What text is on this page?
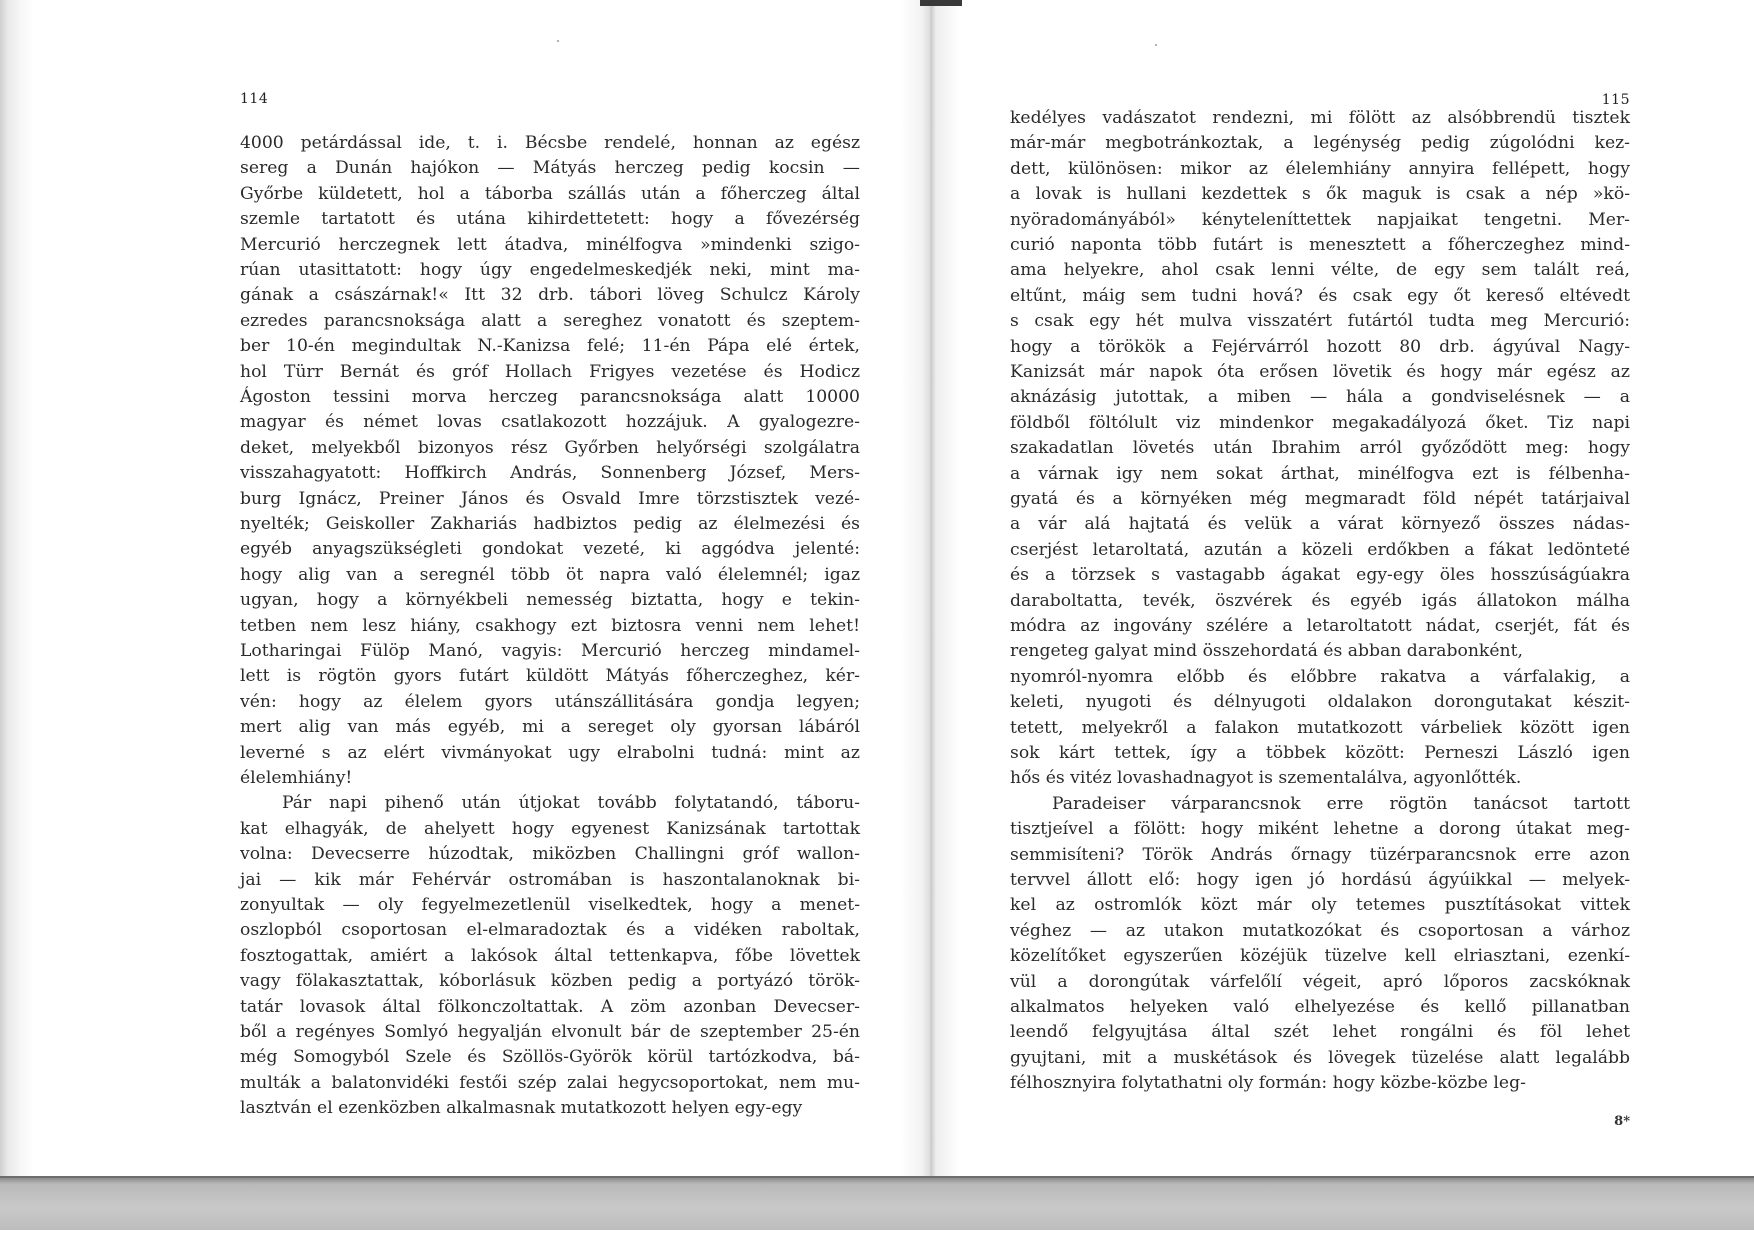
114
4000 petárdással ide, t. i. Bécsbe rendelé, honnan az egész
sereg a Dunán hajókon — Mátyás herczeg pedig kocsin —
Győrbe küldetett, hol a táborba szállás után a főherczeg által
szemle tartatott és utána kihirdettetett: hogy a fővezérség
Mercurió herczegnek lett átadva, minélfogva »mindenki szigo-
rúan utasittatott: hogy úgy engedelmeskedjék neki, mint ma-
gának a császárnak!« Itt 32 drb. tábori löveg Schulcz Károly
ezredes parancsnoksága alatt a sereghez vonatott és szeptem-
ber 10-én megindultak N.-Kanizsa felé; 11-én Pápa elé értek,
hol Türr Bernát és gróf Hollach Frigyes vezetése és Hodicz
Ágoston tessini morva herczeg parancsnoksága alatt 10000
magyar és német lovas csatlakozott hozzájuk. A gyalogezre-
deket, melyekből bizonyos rész Győrben helyőrségi szolgálatra
visszahagyatott: Hoffkirch András, Sonnenberg József, Mers-
burg Ignácz, Preiner János és Osvald Imre törzstisztek vezé-
nyelték; Geiskoller Zakhariás hadbiztos pedig az élelmezési és
egyéb anyagszükségleti gondokat vezeté, ki aggódva jelenté:
hogy alig van a seregnél több öt napra való élelemnél; igaz
ugyan, hogy a környékbeli nemesség biztatta, hogy e tekin-
tetben nem lesz hiány, csakhogy ezt biztosra venni nem lehet!
Lotharingai Fülöp Manó, vagyis: Mercurió herczeg mindamel-
lett is rögtön gyors futárt küldött Mátyás főherczeghez, kér-
vén: hogy az élelem gyors utánszállitására gondja legyen;
mert alig van más egyéb, mi a sereget oly gyorsan lábáról
leverné s az elért vivmányokat ugy elrabolni tudná: mint az
élelemhiány!
Pár napi pihenő után útjokat tovább folytatandó, táboru-
kat elhagyák, de ahelyett hogy egyenest Kanizsának tartottak
volna: Devecserre húzodtak, miközben Challingni gróf wallon-
jai — kik már Fehérvár ostromában is haszontalanoknak bi-
zonyultak — oly fegyelmezetlenül viselkedtek, hogy a menet-
oszlopból csoportosan el-elmaradoztak és a vidéken raboltak,
fosztogattak, amiért a lakósok által tettenkapva, főbe lövettek
vagy fölakasztattak, kóborlásuk közben pedig a portyázó török-
tatár lovasok által fölkonczoltattak. A zöm azonban Devecser-
ből a regényes Somlyó hegyalján elvonult bár de szeptember 25-én
még Somogyból Szele és Szöllös-Györök körül tartózkodva, bá-
multák a balatonvidéki festői szép zalai hegycsoportokat, nem mu-
lasztván el ezenközben alkalmasnak mutatkozott helyen egy-egy
115
kedélyes vadászatot rendezni, mi fölött az alsóbbrendü tisztek
már-már megbotránkoztak, a legénység pedig zúgolódni kez-
dett, különösen: mikor az élelemhiány annyira fellépett, hogy
a lovak is hullani kezdettek s ők maguk is csak a nép »kö-
nyöradományából» kényteleníttettek napjaikat tengetni. Mer-
curió naponta több futárt is menesztett a főherczeghez mind-
ama helyekre, ahol csak lenni vélte, de egy sem talált reá,
eltűnt, máig sem tudni hová? és csak egy őt kereső eltévedt
s csak egy hét mulva visszatért futártól tudta meg Mercurió:
hogy a törökök a Fejérvárról hozott 80 drb. ágyúval Nagy-
Kanizsát már napok óta erősen lövetik és hogy már egész az
aknázásig jutottak, a miben — hála a gondviselésnek — a
földből föltólult viz mindenkor megakadályozá őket. Tiz napi
szakadatlan lövetés után Ibrahim arról győződött meg: hogy
a várnak igy nem sokat árthat, minélfogva ezt is félbenha-
gyatá és a környéken még megmaradt föld népét tatárjaival
a vár alá hajtatá és velük a várat környező összes nádas-
cserjést letaroltatá, azután a közeli erdőkben a fákat ledönteté
és a törzsek s vastagabb ágakat egy-egy öles hosszúságúakra
daraboltatta, tevék, öszvérek és egyéb igás állatokon málha
módra az ingovány szélére a letaroltatott nádat, cserjét, fát és
rengeteg galyat mind összehordatá és abban darabonként,
nyomról-nyomra előbb és előbbre rakatva a várfalakig, a
keleti, nyugoti és délnyugoti oldalakon dorongutakat készit-
tetett, melyekről a falakon mutatkozott várbeliek között igen
sok kárt tettek, így a többek között: Perneszi László igen
hős és vitéz lovashadnagyot is szementalálva, agyonlőtték.
Paradeiser várparancsnok erre rögtön tanácsot tartott
tisztjeível a fölött: hogy miként lehetne a dorong útakat meg-
semmisíteni? Török András őrnagy tüzérparancsnok erre azon
tervvel állott elő: hogy igen jó hordású ágyúikkal — melyek-
kel az ostromlók közt már oly tetemes pusztításokat vittek
véghez — az utakon mutatkozókat és csoportosan a várhoz
közelítőket egyszerűen közéjük tüzelve kell elriasztani, ezenkí-
vül a dorongútak várfelőlí végeit, apró lőporos zacskóknak
alkalmatos helyeken való elhelyezése és kellő pillanatban
leendő felgyujtása által szét lehet rongálni és föl lehet
gyujtani, mit a muskétások és lövegek tüzelése alatt legalább
félhosznyira folytathatni oly formán: hogy közbe-közbe leg-
8*
